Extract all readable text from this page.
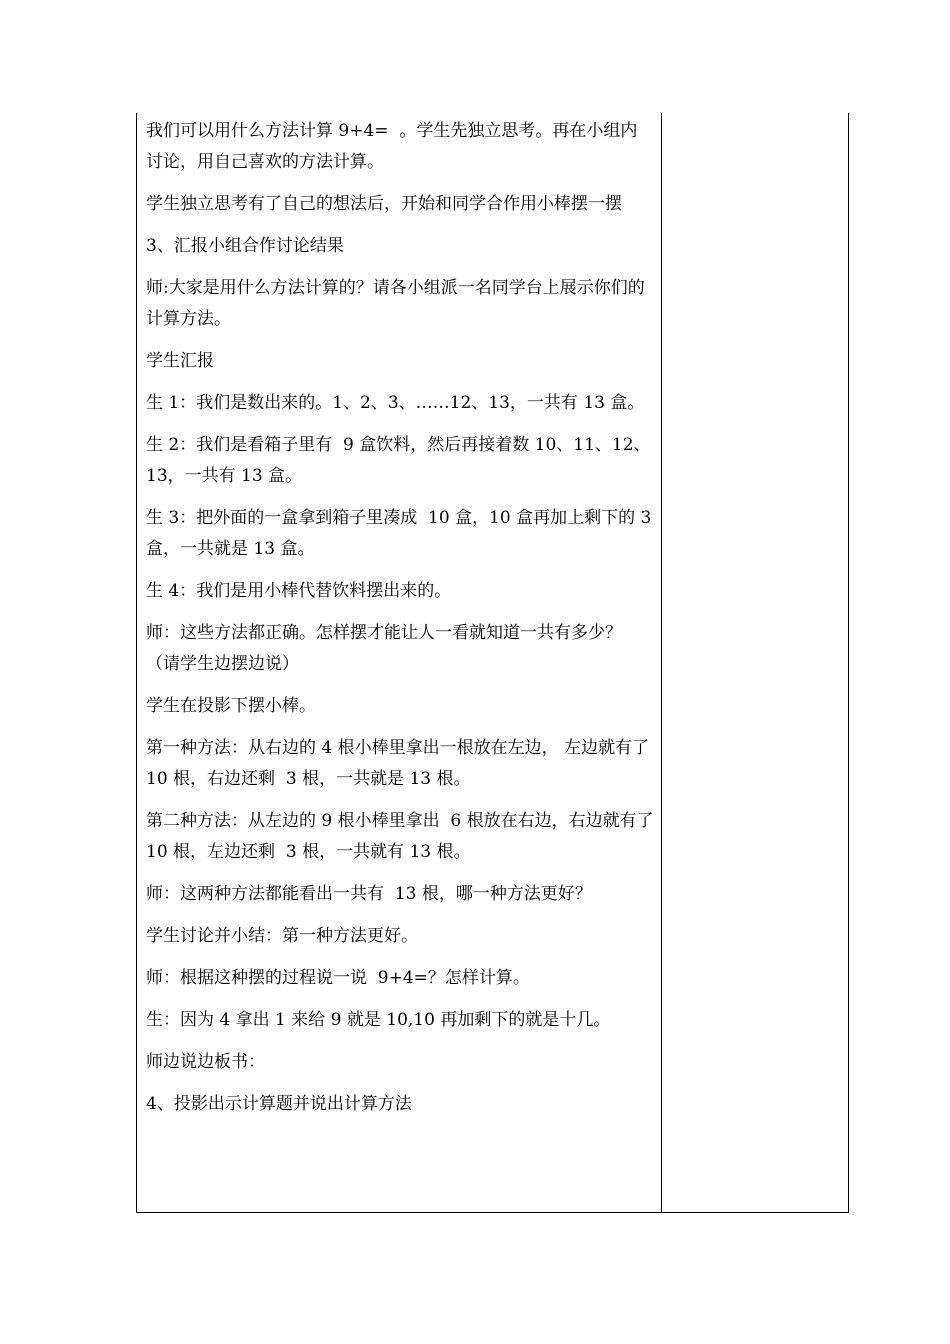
我们可以用什么方法计算 9+4=  。学生先独立思考。再在小组内讨论，用自己喜欢的方法计算。

学生独立思考有了自己的想法后，开始和同学合作用小棒摆一摆

3、汇报小组合作讨论结果

师:大家是用什么方法计算的？请各小组派一名同学台上展示你们的计算方法。

学生汇报

生 1：我们是数出来的。1、2、3、……12、13，一共有 13 盒。

生 2：我们是看箱子里有  9 盒饮料，然后再接着数 10、11、12、13，一共有 13 盒。

生 3：把外面的一盒拿到箱子里凑成  10 盒，10 盒再加上剩下的 3 盒，一共就是 13 盒。

生 4：我们是用小棒代替饮料摆出来的。

师：这些方法都正确。怎样摆才能让人一看就知道一共有多少？（请学生边摆边说）

学生在投影下摆小棒。

第一种方法：从右边的 4 根小棒里拿出一根放在左边， 左边就有了 10 根，右边还剩  3 根，一共就是 13 根。

第二种方法：从左边的 9 根小棒里拿出  6 根放在右边，右边就有了 10 根，左边还剩  3 根，一共就有 13 根。

师：这两种方法都能看出一共有  13 根，哪一种方法更好？

学生讨论并小结：第一种方法更好。

师：根据这种摆的过程说一说  9+4=？怎样计算。

生：因为 4 拿出 1 来给 9 就是 10,10 再加剩下的就是十几。

师边说边板书：

4、投影出示计算题并说出计算方法
